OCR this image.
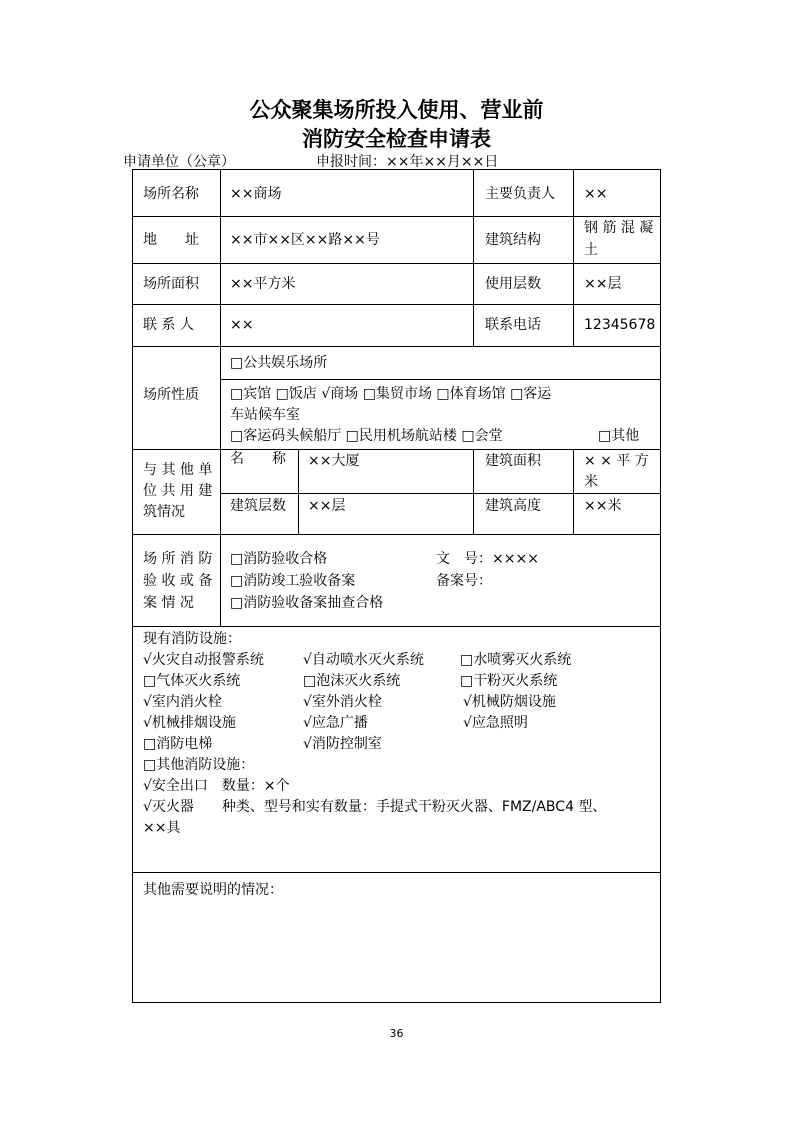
公众聚集场所投入使用、营业前
消防安全检查申请表
申请单位（公章）	申报时间：××年××月××日
场所名称 ××商场	主要负责人 ××
地　　址 ××市××区××路××号	建筑结构
钢 筋 混 凝
土
场所面积 ××平方米	使用层数	××层
联 系 人	××	联系电话	12345678
场所性质
□公共娱乐场所
□宾馆 □饭店 √商场 □集贸市场 □体育场馆 □客运
车站候车室
□客运码头候船厅 □民用机场航站楼 □会堂	□其他
与 其 他 单
位 共 用 建
筑情况
名　　称 ××大厦	建筑面积	× × 平 方
米
建筑层数 ××层	建筑高度	××米
场 所 消 防
验 收 或 备
案 情 况
□消防验收合格	文　号：××××
□消防竣工验收备案	备案号：
□消防验收备案抽查合格
现有消防设施：
√火灾自动报警系统	√自动喷水灭火系统	□水喷雾灭火系统
□气体灭火系统	□泡沫灭火系统	□干粉灭火系统
√室内消火栓	√室外消火栓	√机械防烟设施
√机械排烟设施	√应急广播	√应急照明
□消防电梯	√消防控制室
□其他消防设施：
√安全出口　数量：×个
√灭火器　　种类、型号和实有数量：手提式干粉灭火器、FMZ/ABC4 型、
××具
其他需要说明的情况：
36
